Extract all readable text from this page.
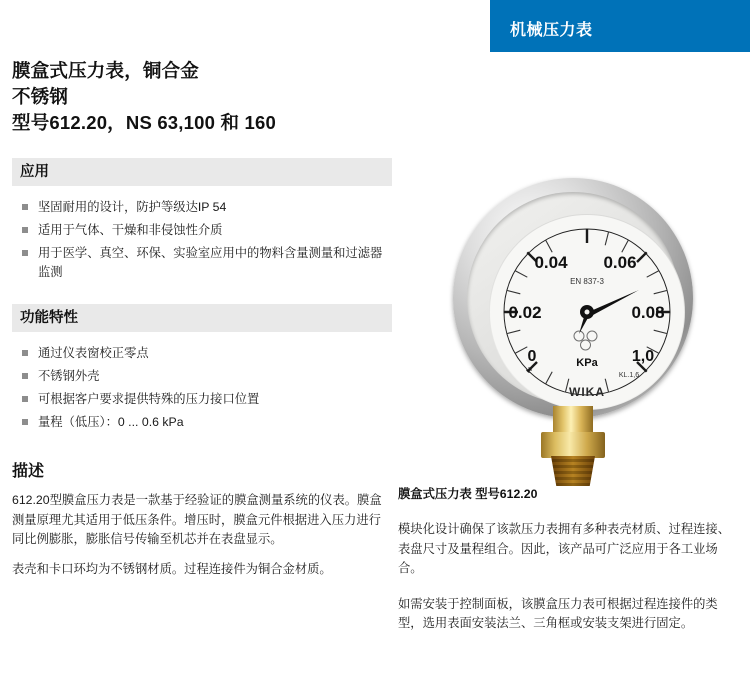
机械压力表
膜盒式压力表，铜合金
不锈钢
型号612.20，NS 63,100 和 160
应用
坚固耐用的设计，防护等级达IP 54
适用于气体、干燥和非侵蚀性介质
用于医学、真空、环保、实验室应用中的物料含量测量和过滤器监测
功能特性
通过仪表窗校正零点
不锈钢外壳
可根据客户要求提供特殊的压力接口位置
量程（低压）：0 ... 0.6 kPa
描述
612.20型膜盒压力表是一款基于经验证的膜盒测量系统的仪表。膜盒测量原理尤其适用于低压条件。增压时，膜盒元件根据进入压力进行同比例膨胀，膨胀信号传输至机芯并在表盘显示。
表壳和卡口环均为不锈钢材质。过程连接件为铜合金材质。
0.04 0.06
0.02	0.08
0	1,0
EN 837-3
KPa
KL.1,6
+
WIKA
膜盒式压力表 型号612.20
模块化设计确保了该款压力表拥有多种表壳材质、过程连接、表盘尺寸及量程组合。因此，该产品可广泛应用于各工业场合。
如需安装于控制面板，该膜盒压力表可根据过程连接件的类型，选用表面安装法兰、三角框或安装支架进行固定。
